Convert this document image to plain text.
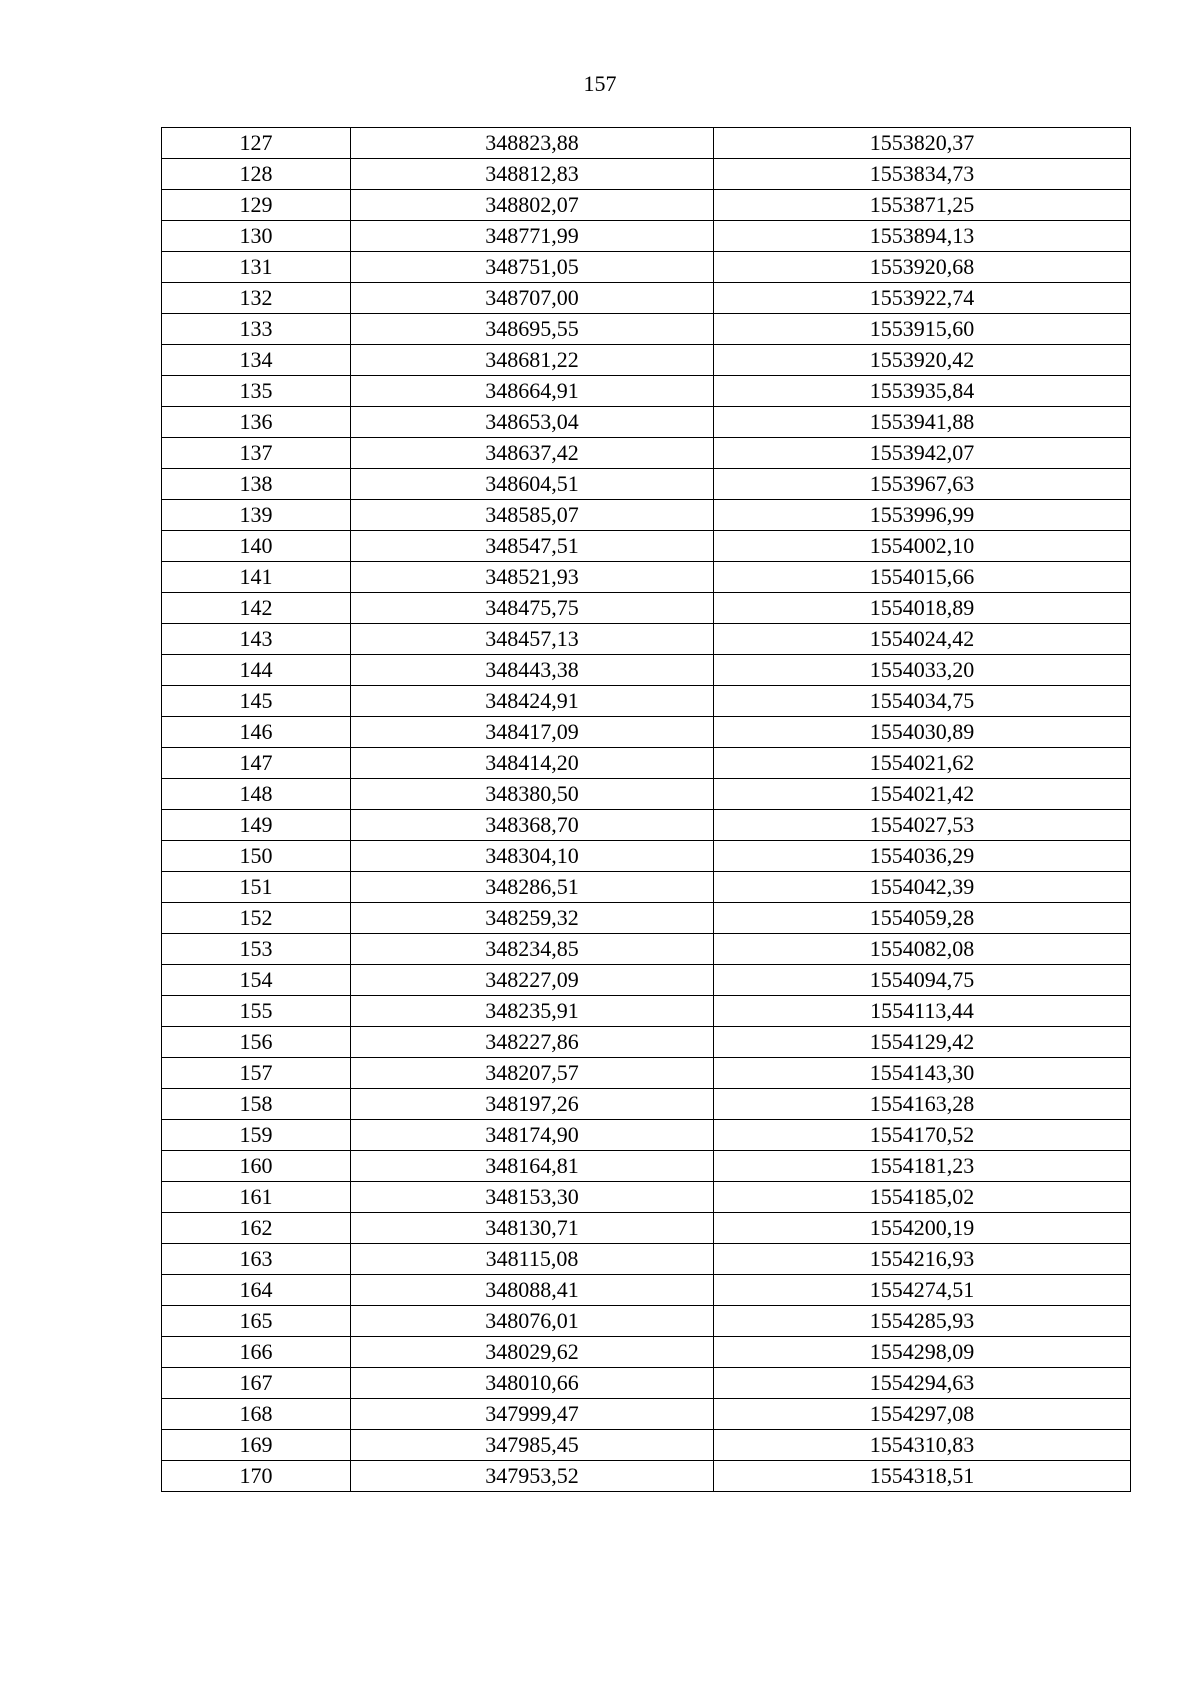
157
127	348823,88	1553820,37
128	348812,83	1553834,73
129	348802,07	1553871,25
130	348771,99	1553894,13
131	348751,05	1553920,68
132	348707,00	1553922,74
133	348695,55	1553915,60
134	348681,22	1553920,42
135	348664,91	1553935,84
136	348653,04	1553941,88
137	348637,42	1553942,07
138	348604,51	1553967,63
139	348585,07	1553996,99
140	348547,51	1554002,10
141	348521,93	1554015,66
142	348475,75	1554018,89
143	348457,13	1554024,42
144	348443,38	1554033,20
145	348424,91	1554034,75
146	348417,09	1554030,89
147	348414,20	1554021,62
148	348380,50	1554021,42
149	348368,70	1554027,53
150	348304,10	1554036,29
151	348286,51	1554042,39
152	348259,32	1554059,28
153	348234,85	1554082,08
154	348227,09	1554094,75
155	348235,91	1554113,44
156	348227,86	1554129,42
157	348207,57	1554143,30
158	348197,26	1554163,28
159	348174,90	1554170,52
160	348164,81	1554181,23
161	348153,30	1554185,02
162	348130,71	1554200,19
163	348115,08	1554216,93
164	348088,41	1554274,51
165	348076,01	1554285,93
166	348029,62	1554298,09
167	348010,66	1554294,63
168	347999,47	1554297,08
169	347985,45	1554310,83
170	347953,52	1554318,51
